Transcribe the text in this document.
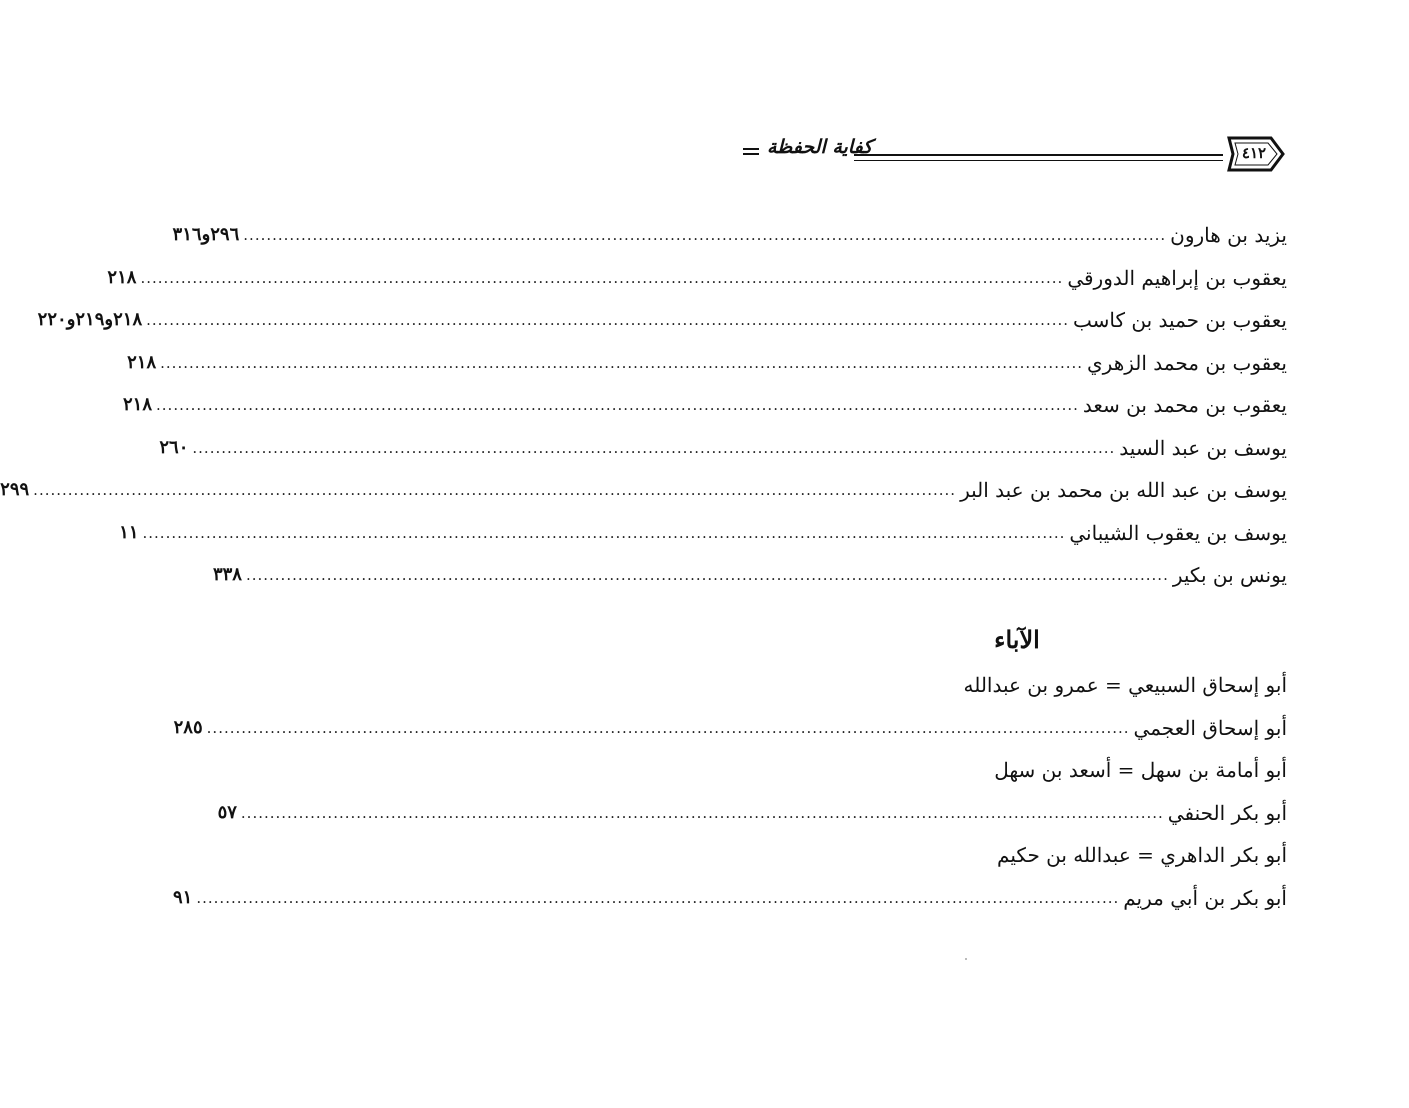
٤١٢
كفاية الحفظة
يزيد بن هارون
................................................................................................................................................................
٢٩٦و٣١٦
يعقوب بن إبراهيم الدورقي
................................................................................................................................................................
٢١٨
يعقوب بن حميد بن كاسب
................................................................................................................................................................
٢١٨و٢١٩و٢٢٠
يعقوب بن محمد الزهري
................................................................................................................................................................
٢١٨
يعقوب بن محمد بن سعد
................................................................................................................................................................
٢١٨
يوسف بن عبد السيد
................................................................................................................................................................
٢٦٠
يوسف بن عبد الله بن محمد بن عبد البر
................................................................................................................................................................
٢٩٩
يوسف بن يعقوب الشيباني
................................................................................................................................................................
١١
يونس بن بكير
................................................................................................................................................................
٣٣٨
الآباء
أبو إسحاق السبيعي = عمرو بن عبدالله
أبو إسحاق العجمي
................................................................................................................................................................
٢٨٥
أبو أمامة بن سهل = أسعد بن سهل
أبو بكر الحنفي
................................................................................................................................................................
٥٧
أبو بكر الداهري = عبدالله بن حكيم
أبو بكر بن أبي مريم
................................................................................................................................................................
٩١
